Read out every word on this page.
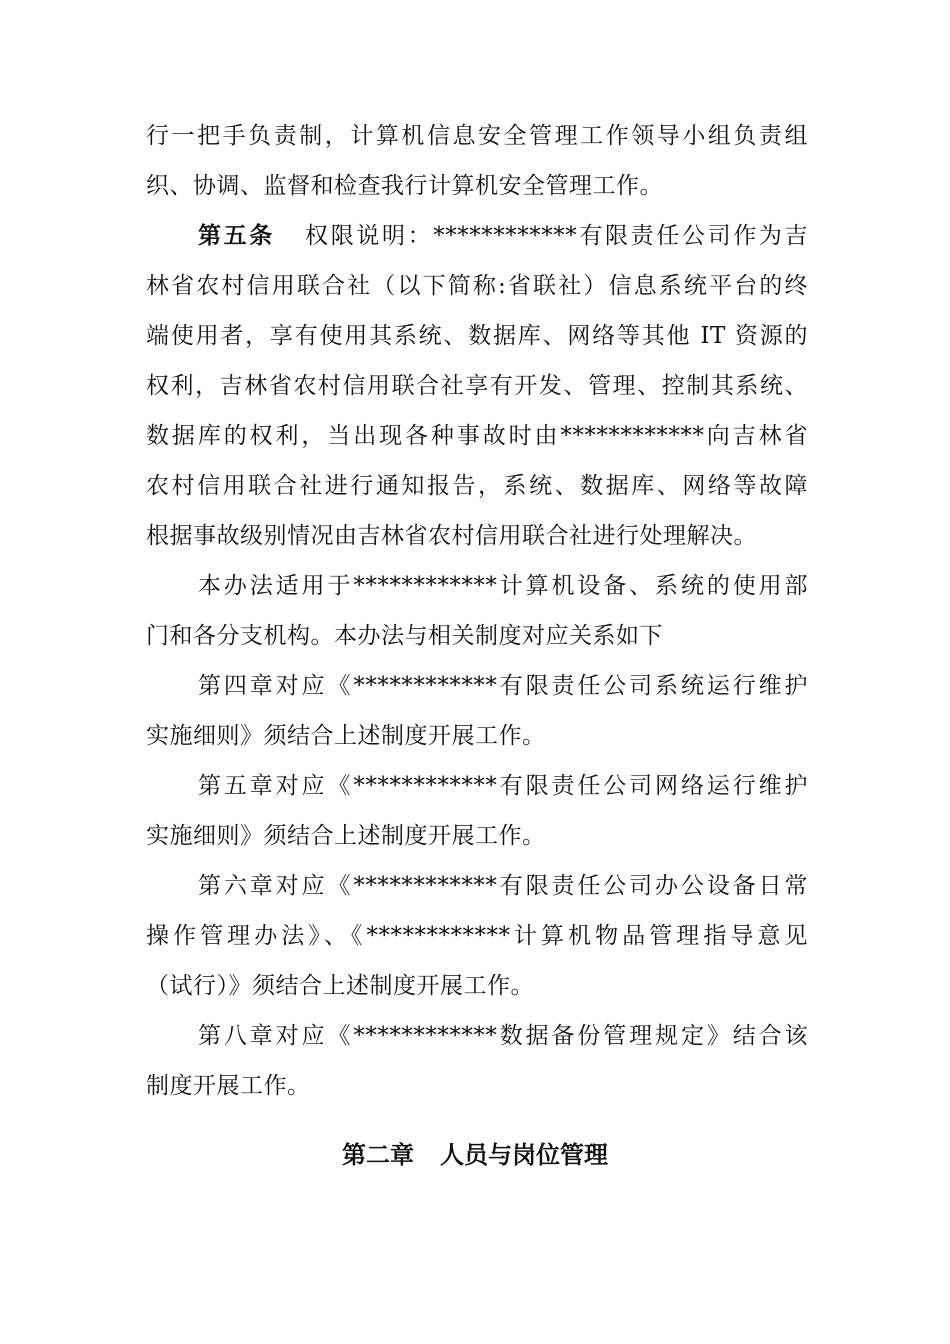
行一把手负责制，计算机信息安全管理工作领导小组负责组
织、协调、监督和检查我行计算机安全管理工作。
第五条 权限说明：************有限责任公司作为吉
林省农村信用联合社（以下简称:省联社）信息系统平台的终
端使用者，享有使用其系统、数据库、网络等其他 IT 资源的
权利，吉林省农村信用联合社享有开发、管理、控制其系统、
数据库的权利，当出现各种事故时由************向吉林省
农村信用联合社进行通知报告，系统、数据库、网络等故障
根据事故级别情况由吉林省农村信用联合社进行处理解决。
本办法适用于************计算机设备、系统的使用部
门和各分支机构。本办法与相关制度对应关系如下
第四章对应《************有限责任公司系统运行维护
实施细则》须结合上述制度开展工作。
第五章对应《************有限责任公司网络运行维护
实施细则》须结合上述制度开展工作。
第六章对应《************有限责任公司办公设备日常
操作管理办法》、《************计算机物品管理指导意见
（试行）》须结合上述制度开展工作。
第八章对应《************数据备份管理规定》结合该
制度开展工作。
第二章 人员与岗位管理
